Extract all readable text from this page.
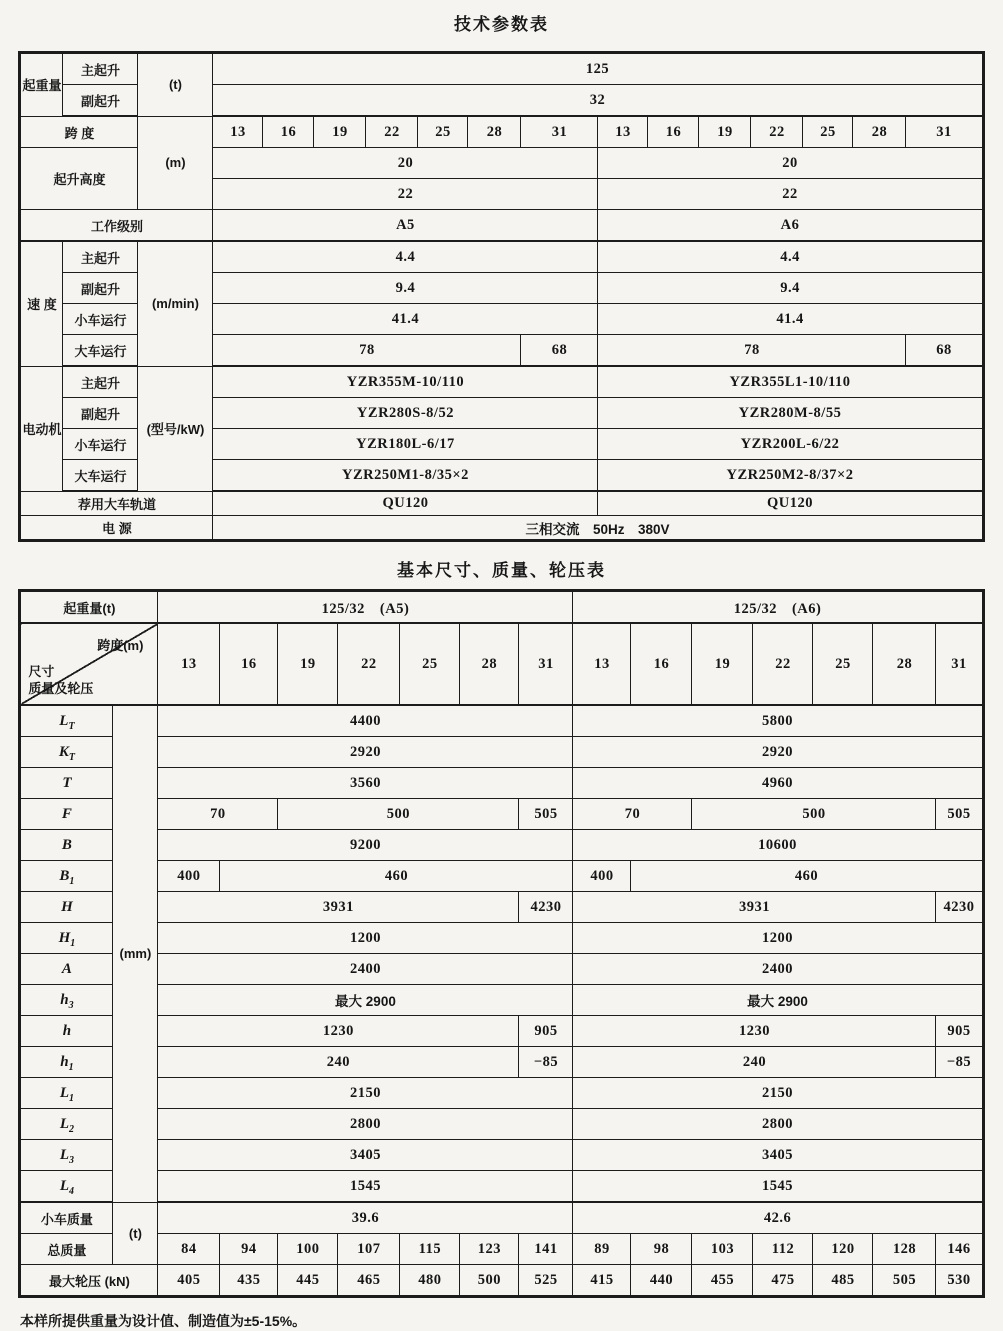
技术参数表
起重量	主起升	(t)	125													
	副起升		32													
跨 度		(m)	13	16	19	22	25	28	31	13	16	19	22	25	28	31
起升高度			20							20						
			22							22						
工作级别			A5							A6						
速 度	主起升	(m/min)	4.4							4.4						
	副起升		9.4							9.4						
	小车运行		41.4							41.4						
	大车运行		78						68	78						68
电动机	主起升	(型号/kW)	YZR355M-10/110							YZR355L1-10/110						
	副起升		YZR280S-8/52							YZR280M-8/55						
	小车运行		YZR180L-6/17							YZR200L-6/22						
	大车运行		YZR250M1-8/35×2							YZR250M2-8/37×2						
荐用大车轨道			QU120							QU120						
电 源			三相交流　50Hz　380V													
基本尺寸、质量、轮压表
起重量(t)		125/32　(A5)							125/32　(A6)						

跨度(m)
尺寸
质量及轮压		13	16	19	22	25	28	31	13	16	19	22	25	28	31
$L_T$	(mm)	4400							5800						
$K_T$		2920							2920						
T		3560							4960						
F		70		500				505	70		500				505
B		9200							10600						
$B_1$		400	460						400	460					
H		3931						4230	3931						4230
$H_1$		1200							1200						
A		2400							2400						
$h_3$		最大 2900							最大 2900						
h		1230						905	1230						905
$h_1$		240						−85	240						−85
$L_1$		2150							2150						
$L_2$		2800							2800						
$L_3$		3405							3405						
$L_4$		1545							1545						
小车质量	(t)	39.6							42.6						
总质量		84	94	100	107	115	123	141	89	98	103	112	120	128	146
最大轮压 (kN)		405	435	445	465	480	500	525	415	440	455	475	485	505	530
本样所提供重量为设计值、制造值为±5-15%。
